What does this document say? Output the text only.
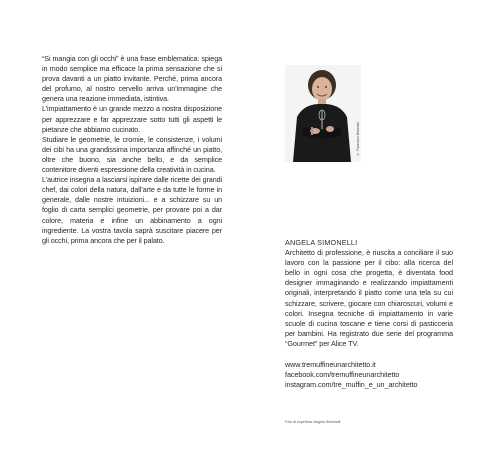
“Si mangia con gli occhi” è una frase emblematica: spiega in modo semplice ma efficace la prima sensazione che si prova davanti a un piatto invitante. Perché, prima ancora del profumo, al nostro cervello arriva un’immagine che genera una reazione immediata, istintiva.

L’impiattamento è un grande mezzo a nostra disposizione per apprezzare e far apprezzare sotto tutti gli aspetti le pietanze che abbiamo cucinato.

Studiare le geometrie, le cromie, le consistenze, i volumi dei cibi ha una grandissima importanza affinché un piatto, oltre che buono, sia anche bello, e da semplice contenitore diventi espressione della creatività in cucina.

L’autrice insegna a lasciarsi ispirare dalle ricette dei grandi chef, dai colori della natura, dall’arte e da tutte le forme in generale, dalle nostre intuizioni... e a schizzare su un foglio di carta semplici geometrie, per provare poi a dar colore, materia e infine un abbinamento a ogni ingrediente. La vostra tavola saprà suscitare piacere per gli occhi, prima ancora che per il palato.

© Francesco Bonomini

ANGELA SIMONELLI

Architetto di professione, è riuscita a conciliare il suo lavoro con la passione per il cibo: alla ricerca del bello in ogni cosa che progetta, è diventata food designer immaginando e realizzando impiattamenti originali, interpretando il piatto come una tela su cui schizzare, scrivere, giocare con chiaroscuri, volumi e colori. Insegna tecniche di impiattamento in varie scuole di cucina toscane e tiene corsi di pasticceria per bambini. Ha registrato due serie del programma “Gourmet” per Alice TV.

www.tremuffineunarchitetto.it
facebook.com/tremuffineunarchitetto
instagram.com/tre_muffin_e_un_architetto
Foto di copertina: Angela Simonelli
